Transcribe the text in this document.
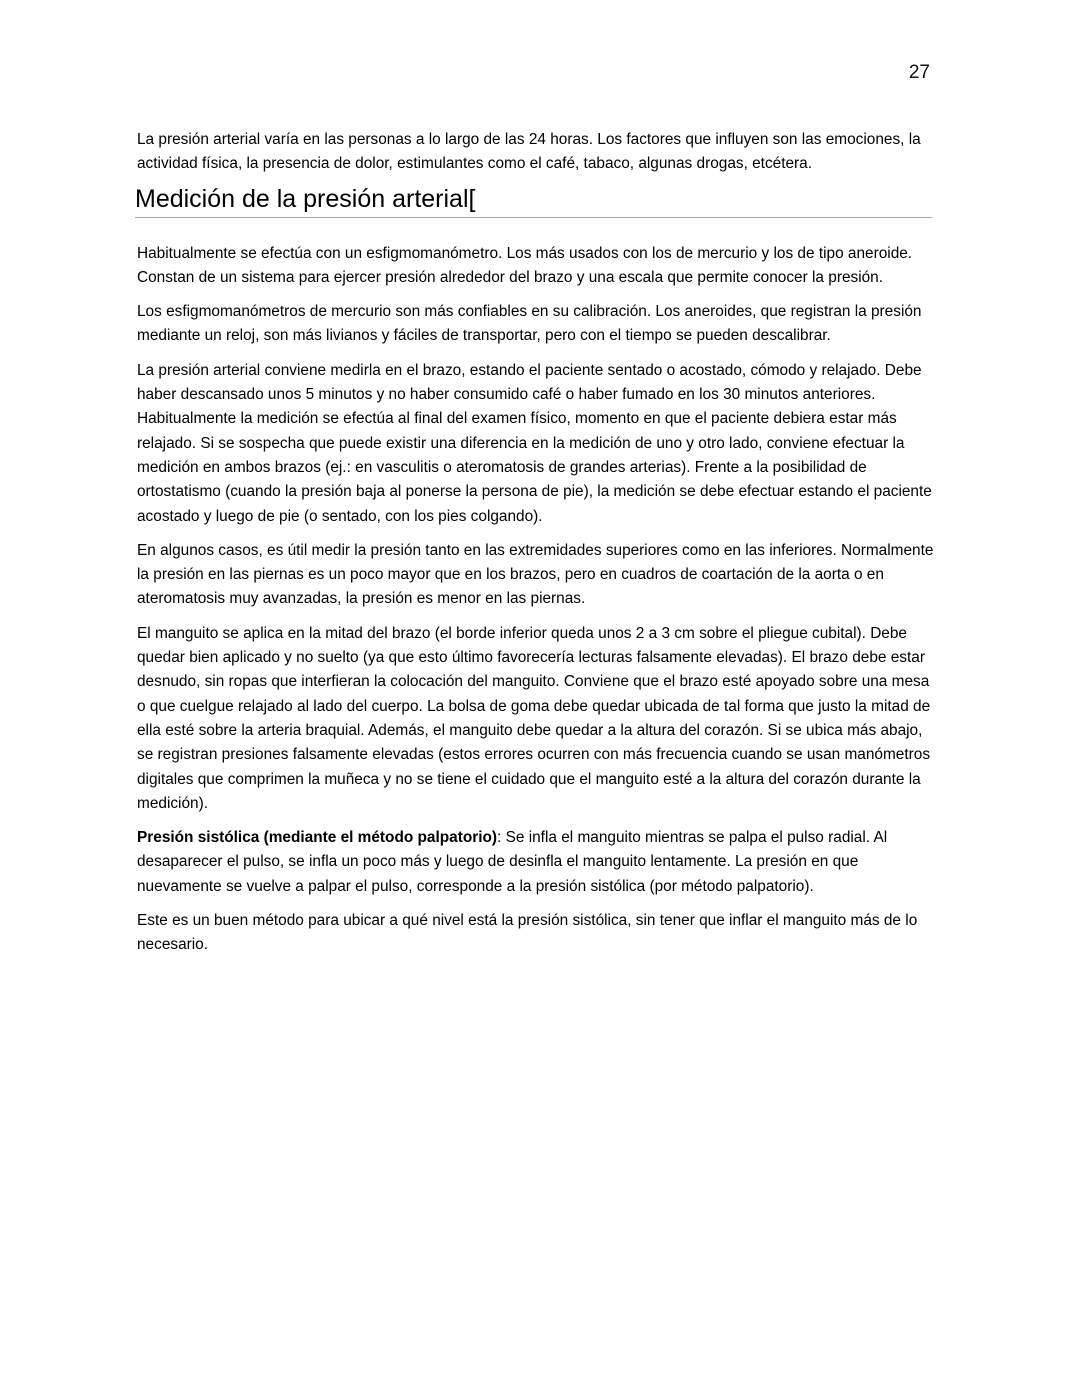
27

La presión arterial varía en las personas a lo largo de las 24 horas. Los factores que influyen son las emociones, la actividad física, la presencia de dolor, estimulantes como el café, tabaco, algunas drogas, etcétera.

Medición de la presión arterial[

Habitualmente se efectúa con un esfigmomanómetro. Los más usados con los de mercurio y los de tipo aneroide. Constan de un sistema para ejercer presión alrededor del brazo y una escala que permite conocer la presión.

Los esfigmomanómetros de mercurio son más confiables en su calibración. Los aneroides, que registran la presión mediante un reloj, son más livianos y fáciles de transportar, pero con el tiempo se pueden descalibrar.

La presión arterial conviene medirla en el brazo, estando el paciente sentado o acostado, cómodo y relajado. Debe haber descansado unos 5 minutos y no haber consumido café o haber fumado en los 30 minutos anteriores. Habitualmente la medición se efectúa al final del examen físico, momento en que el paciente debiera estar más relajado. Si se sospecha que puede existir una diferencia en la medición de uno y otro lado, conviene efectuar la medición en ambos brazos (ej.: en vasculitis o ateromatosis de grandes arterias). Frente a la posibilidad de ortostatismo (cuando la presión baja al ponerse la persona de pie), la medición se debe efectuar estando el paciente acostado y luego de pie (o sentado, con los pies colgando).

En algunos casos, es útil medir la presión tanto en las extremidades superiores como en las inferiores. Normalmente la presión en las piernas es un poco mayor que en los brazos, pero en cuadros de coartación de la aorta o en ateromatosis muy avanzadas, la presión es menor en las piernas.

El manguito se aplica en la mitad del brazo (el borde inferior queda unos 2 a 3 cm sobre el pliegue cubital). Debe quedar bien aplicado y no suelto (ya que esto último favorecería lecturas falsamente elevadas). El brazo debe estar desnudo, sin ropas que interfieran la colocación del manguito. Conviene que el brazo esté apoyado sobre una mesa o que cuelgue relajado al lado del cuerpo. La bolsa de goma debe quedar ubicada de tal forma que justo la mitad de ella esté sobre la arteria braquial. Además, el manguito debe quedar a la altura del corazón. Si se ubica más abajo, se registran presiones falsamente elevadas (estos errores ocurren con más frecuencia cuando se usan manómetros digitales que comprimen la muñeca y no se tiene el cuidado que el manguito esté a la altura del corazón durante la medición).

Presión sistólica (mediante el método palpatorio): Se infla el manguito mientras se palpa el pulso radial. Al desaparecer el pulso, se infla un poco más y luego de desinfla el manguito lentamente. La presión en que nuevamente se vuelve a palpar el pulso, corresponde a la presión sistólica (por método palpatorio).

Este es un buen método para ubicar a qué nivel está la presión sistólica, sin tener que inflar el manguito más de lo necesario.
